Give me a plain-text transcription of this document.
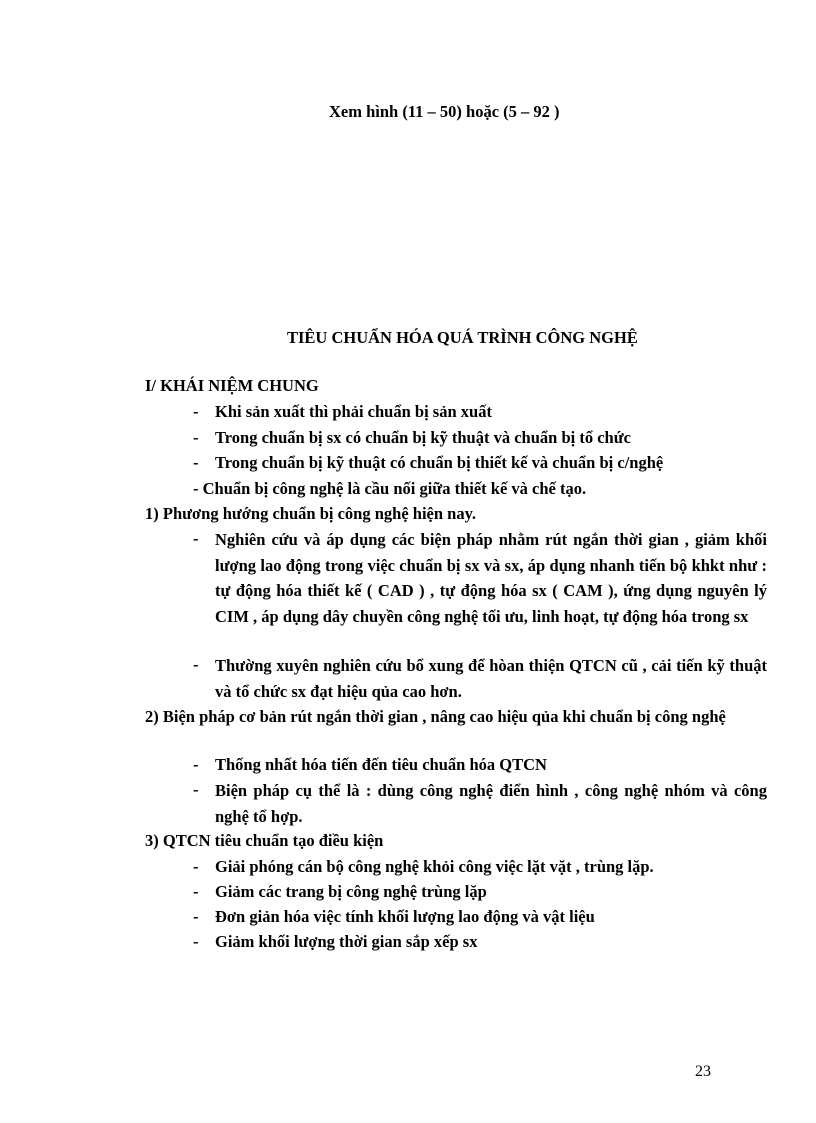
Xem hình (11 – 50) hoặc (5 – 92 )
TIÊU CHUẨN HÓA QUÁ TRÌNH CÔNG NGHỆ
I/ KHÁI NIỆM CHUNG
- Khi sản xuất thì phải chuẩn bị sản xuất
- Trong chuẩn bị sx có chuẩn bị kỹ thuật và chuẩn bị tổ chức
- Trong chuẩn bị kỹ thuật có chuẩn bị thiết kế và chuẩn bị c/nghệ
- Chuẩn bị công nghệ là cầu nối giữa thiết kế và chế tạo.
1) Phương hướng chuẩn bị công nghệ hiện nay.
- Nghiên cứu và áp dụng các biện pháp nhằm rút ngắn thời gian , giảm khối lượng lao động trong việc chuẩn bị sx và sx, áp dụng nhanh tiến bộ khkt như : tự động hóa thiết kế ( CAD ) , tự động hóa sx ( CAM ), ứng dụng nguyên lý CIM , áp dụng dây chuyền công nghệ tối ưu, linh hoạt, tự động hóa trong sx
- Thường xuyên nghiên cứu bổ xung để hòan thiện QTCN cũ , cải tiến kỹ thuật và tổ chức sx đạt hiệu qủa cao hơn.
2) Biện pháp cơ bản rút ngắn thời gian , nâng cao hiệu qủa khi chuẩn bị công nghệ
- Thống nhất hóa tiến đến tiêu chuẩn hóa QTCN
- Biện pháp cụ thể là : dùng công nghệ điển hình , công nghệ nhóm và công nghệ tổ hợp.
3) QTCN tiêu chuẩn tạo điều kiện
- Giải phóng cán bộ công nghệ khỏi công việc lặt vặt , trùng lặp.
- Giảm các trang bị công nghệ trùng lặp
- Đơn giản hóa việc tính khối lượng lao động và vật liệu
- Giảm khối lượng thời gian sắp xếp sx
23
